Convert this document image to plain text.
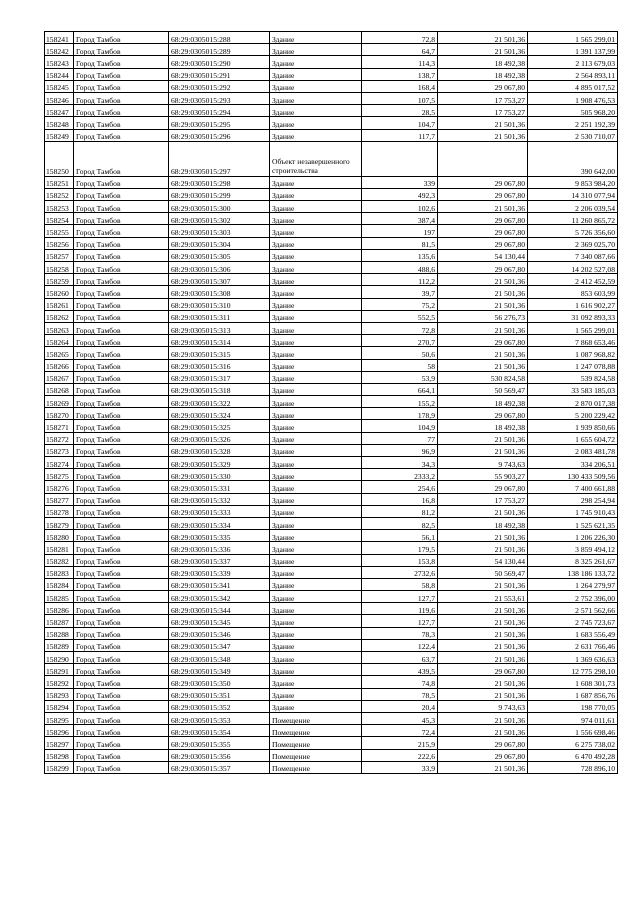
158241	Город Тамбов	68:29:0305015:288	Здание	72,8	21 501,36	1 565 299,01
158242	Город Тамбов	68:29:0305015:289	Здание	64,7	21 501,36	1 391 137,99
158243	Город Тамбов	68:29:0305015:290	Здание	114,3	18 492,38	2 113 679,03
158244	Город Тамбов	68:29:0305015:291	Здание	138,7	18 492,38	2 564 893,11
158245	Город Тамбов	68:29:0305015:292	Здание	168,4	29 067,80	4 895 017,52
158246	Город Тамбов	68:29:0305015:293	Здание	107,5	17 753,27	1 908 476,53
158247	Город Тамбов	68:29:0305015:294	Здание	28,5	17 753,27	505 968,20
158248	Город Тамбов	68:29:0305015:295	Здание	104,7	21 501,36	2 251 192,39
158249	Город Тамбов	68:29:0305015:296	Здание	117,7	21 501,36	2 530 710,07
158250	Город Тамбов	68:29:0305015:297	Объект незавершенного строительства			390 642,00
158251	Город Тамбов	68:29:0305015:298	Здание	339	29 067,80	9 853 984,20
158252	Город Тамбов	68:29:0305015:299	Здание	492,3	29 067,80	14 310 077,94
158253	Город Тамбов	68:29:0305015:300	Здание	102,6	21 501,36	2 206 039,54
158254	Город Тамбов	68:29:0305015:302	Здание	387,4	29 067,80	11 260 865,72
158255	Город Тамбов	68:29:0305015:303	Здание	197	29 067,80	5 726 356,60
158256	Город Тамбов	68:29:0305015:304	Здание	81,5	29 067,80	2 369 025,70
158257	Город Тамбов	68:29:0305015:305	Здание	135,6	54 130,44	7 340 087,66
158258	Город Тамбов	68:29:0305015:306	Здание	488,6	29 067,80	14 202 527,08
158259	Город Тамбов	68:29:0305015:307	Здание	112,2	21 501,36	2 412 452,59
158260	Город Тамбов	68:29:0305015:308	Здание	39,7	21 501,36	853 603,99
158261	Город Тамбов	68:29:0305015:310	Здание	75,2	21 501,36	1 616 902,27
158262	Город Тамбов	68:29:0305015:311	Здание	552,5	56 276,73	31 092 893,33
158263	Город Тамбов	68:29:0305015:313	Здание	72,8	21 501,36	1 565 299,01
158264	Город Тамбов	68:29:0305015:314	Здание	270,7	29 067,80	7 868 653,46
158265	Город Тамбов	68:29:0305015:315	Здание	50,6	21 501,36	1 087 968,82
158266	Город Тамбов	68:29:0305015:316	Здание	58	21 501,36	1 247 078,88
158267	Город Тамбов	68:29:0305015:317	Здание	53,9	530 824,58	539 824,58
158268	Город Тамбов	68:29:0305015:318	Здание	664,1	50 569,47	33 583 185,03
158269	Город Тамбов	68:29:0305015:322	Здание	155,2	18 492,38	2 870 017,38
158270	Город Тамбов	68:29:0305015:324	Здание	178,9	29 067,80	5 200 229,42
158271	Город Тамбов	68:29:0305015:325	Здание	104,9	18 492,38	1 939 850,66
158272	Город Тамбов	68:29:0305015:326	Здание	77	21 501,36	1 655 604,72
158273	Город Тамбов	68:29:0305015:328	Здание	96,9	21 501,36	2 083 481,78
158274	Город Тамбов	68:29:0305015:329	Здание	34,3	9 743,63	334 206,51
158275	Город Тамбов	68:29:0305015:330	Здание	2333,2	55 903,27	130 433 509,56
158276	Город Тамбов	68:29:0305015:331	Здание	254,6	29 067,80	7 400 661,88
158277	Город Тамбов	68:29:0305015:332	Здание	16,8	17 753,27	298 254,94
158278	Город Тамбов	68:29:0305015:333	Здание	81,2	21 501,36	1 745 910,43
158279	Город Тамбов	68:29:0305015:334	Здание	82,5	18 492,38	1 525 621,35
158280	Город Тамбов	68:29:0305015:335	Здание	56,1	21 501,36	1 206 226,30
158281	Город Тамбов	68:29:0305015:336	Здание	179,5	21 501,36	3 859 494,12
158282	Город Тамбов	68:29:0305015:337	Здание	153,8	54 130,44	8 325 261,67
158283	Город Тамбов	68:29:0305015:339	Здание	2732,6	50 569,47	138 186 133,72
158284	Город Тамбов	68:29:0305015:341	Здание	58,8	21 501,36	1 264 279,97
158285	Город Тамбов	68:29:0305015:342	Здание	127,7	21 553,61	2 752 396,00
158286	Город Тамбов	68:29:0305015:344	Здание	119,6	21 501,36	2 571 562,66
158287	Город Тамбов	68:29:0305015:345	Здание	127,7	21 501,36	2 745 723,67
158288	Город Тамбов	68:29:0305015:346	Здание	78,3	21 501,36	1 683 556,49
158289	Город Тамбов	68:29:0305015:347	Здание	122,4	21 501,36	2 631 766,46
158290	Город Тамбов	68:29:0305015:348	Здание	63,7	21 501,36	1 369 636,63
158291	Город Тамбов	68:29:0305015:349	Здание	439,5	29 067,80	12 775 298,10
158292	Город Тамбов	68:29:0305015:350	Здание	74,8	21 501,36	1 608 301,73
158293	Город Тамбов	68:29:0305015:351	Здание	78,5	21 501,36	1 687 856,76
158294	Город Тамбов	68:29:0305015:352	Здание	20,4	9 743,63	198 770,05
158295	Город Тамбов	68:29:0305015:353	Помещение	45,3	21 501,36	974 011,61
158296	Город Тамбов	68:29:0305015:354	Помещение	72,4	21 501,36	1 556 698,46
158297	Город Тамбов	68:29:0305015:355	Помещение	215,9	29 067,80	6 275 738,02
158298	Город Тамбов	68:29:0305015:356	Помещение	222,6	29 067,80	6 470 492,28
158299	Город Тамбов	68:29:0305015:357	Помещение	33,9	21 501,36	728 896,10
